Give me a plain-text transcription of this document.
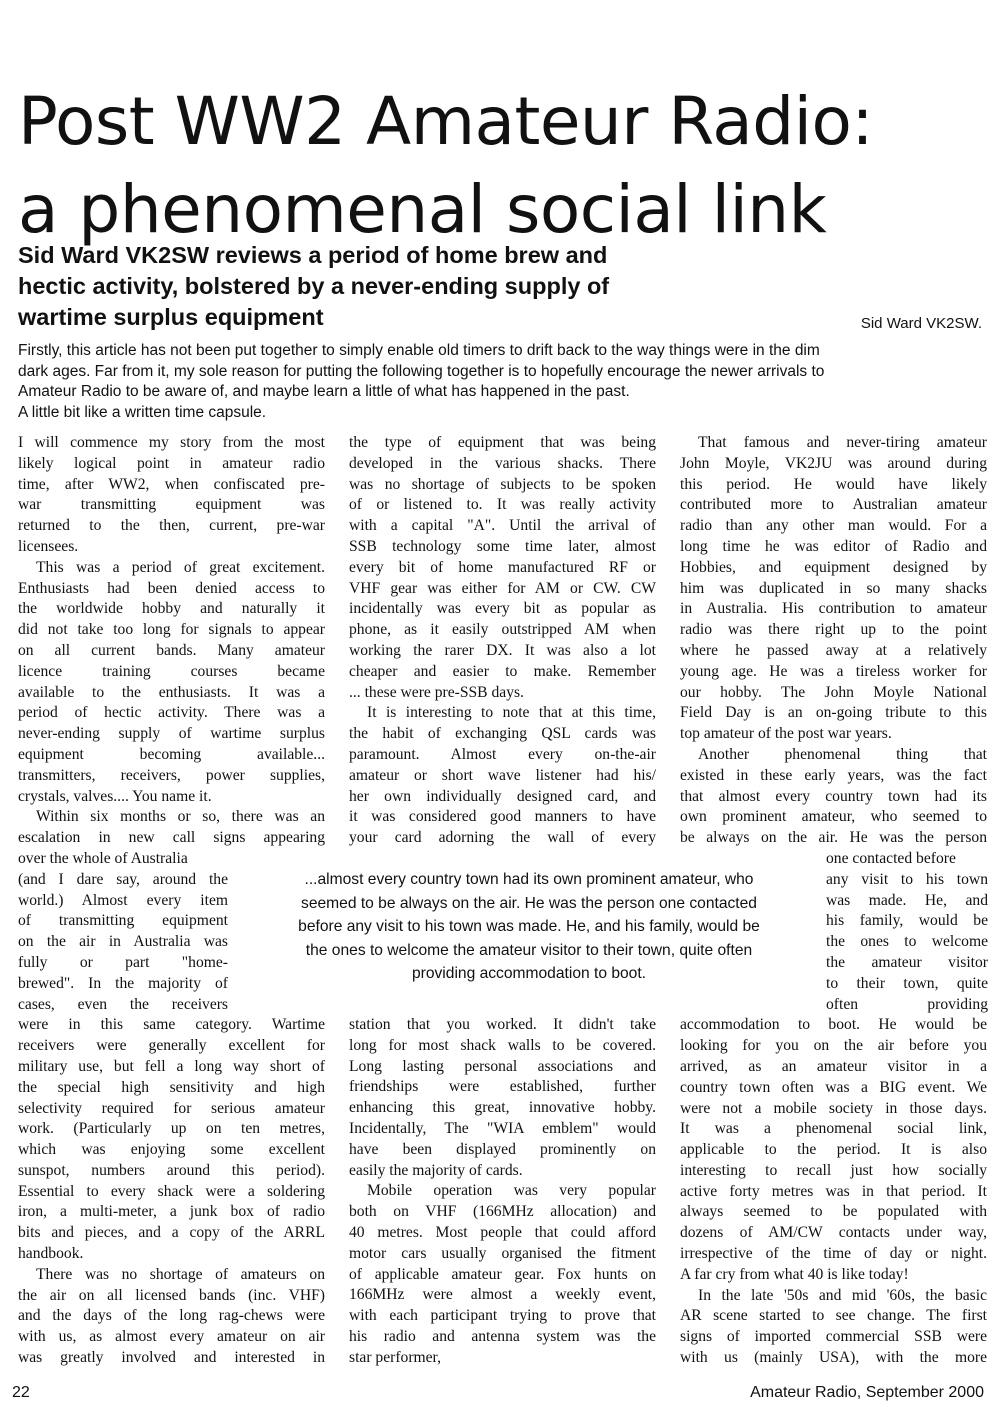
Post WW2 Amateur Radio:
a phenomenal social link
Sid Ward VK2SW reviews a period of home brew and
hectic activity, bolstered by a never-ending supply of
wartime surplus equipment	Sid Ward VK2SW.
Firstly, this article has not been put together to simply enable old timers to drift back to the way things were in the dim
dark ages. Far from it, my sole reason for putting the following together is to hopefully encourage the newer arrivals to
Amateur Radio to be aware of, and maybe learn a little of what has happened in the past.
A little bit like a written time capsule.
I will commence my story from the most
likely logical point in amateur radio
time, after WW2, when confiscated pre-
war transmitting equipment was
returned to the then, current, pre-war
licensees.
This was a period of great excitement.
Enthusiasts had been denied access to
the worldwide hobby and naturally it
did not take too long for signals to appear
on all current bands. Many amateur
licence training courses became
available to the enthusiasts. It was a
period of hectic activity. There was a
never-ending supply of wartime surplus
equipment becoming available...
transmitters, receivers, power supplies,
crystals, valves.... You name it.
Within six months or so, there was an
escalation in new call signs appearing
over the whole of Australia
(and I dare say, around the
world.) Almost every item
of transmitting equipment
on the air in Australia was
fully or part "home-
brewed". In the majority of
cases, even the receivers
were in this same category. Wartime
receivers were generally excellent for
military use, but fell a long way short of
the special high sensitivity and high
selectivity required for serious amateur
work. (Particularly up on ten metres,
which was enjoying some excellent
sunspot, numbers around this period).
Essential to every shack were a soldering
iron, a multi-meter, a junk box of radio
bits and pieces, and a copy of the ARRL
handbook.
There was no shortage of amateurs on
the air on all licensed bands (inc. VHF)
and the days of the long rag-chews were
with us, as almost every amateur on air
was greatly involved and interested in
the type of equipment that was being
developed in the various shacks. There
was no shortage of subjects to be spoken
of or listened to. It was really activity
with a capital "A". Until the arrival of
SSB technology some time later, almost
every bit of home manufactured RF or
VHF gear was either for AM or CW. CW
incidentally was every bit as popular as
phone, as it easily outstripped AM when
working the rarer DX. It was also a lot
cheaper and easier to make. Remember
... these were pre-SSB days.
It is interesting to note that at this time,
the habit of exchanging QSL cards was
paramount. Almost every on-the-air
amateur or short wave listener had his/
her own individually designed card, and
it was considered good manners to have
your card adorning the wall of every
station that you worked. It didn't take
long for most shack walls to be covered.
Long lasting personal associations and
friendships were established, further
enhancing this great, innovative hobby.
Incidentally, The "WIA emblem" would
have been displayed prominently on
easily the majority of cards.
Mobile operation was very popular
both on VHF (166MHz allocation) and
40 metres. Most people that could afford
motor cars usually organised the fitment
of applicable amateur gear. Fox hunts on
166MHz were almost a weekly event,
with each participant trying to prove that
his radio and antenna system was the
star performer,
That famous and never-tiring amateur
John Moyle, VK2JU was around during
this period. He would have likely
contributed more to Australian amateur
radio than any other man would. For a
long time he was editor of Radio and
Hobbies, and equipment designed by
him was duplicated in so many shacks
in Australia. His contribution to amateur
radio was there right up to the point
where he passed away at a relatively
young age. He was a tireless worker for
our hobby. The John Moyle National
Field Day is an on-going tribute to this
top amateur of the post war years.
Another phenomenal thing that
existed in these early years, was the fact
that almost every country town had its
own prominent amateur, who seemed to
be always on the air. He was the person
one contacted before
any visit to his town
was made. He, and
his family, would be
the ones to welcome
the amateur visitor
to their town, quite
often providing
accommodation to boot. He would be
looking for you on the air before you
arrived, as an amateur visitor in a
country town often was a BIG event. We
were not a mobile society in those days.
It was a phenomenal social link,
applicable to the period. It is also
interesting to recall just how socially
active forty metres was in that period. It
always seemed to be populated with
dozens of AM/CW contacts under way,
irrespective of the time of day or night.
A far cry from what 40 is like today!
In the late '50s and mid '60s, the basic
AR scene started to see change. The first
signs of imported commercial SSB were
with us (mainly USA), with the more
...almost every country town had its own prominent amateur, who
seemed to be always on the air. He was the person one contacted
before any visit to his town was made. He, and his family, would be
the ones to welcome the amateur visitor to their town, quite often
providing accommodation to boot.
22	Amateur Radio, September 2000
